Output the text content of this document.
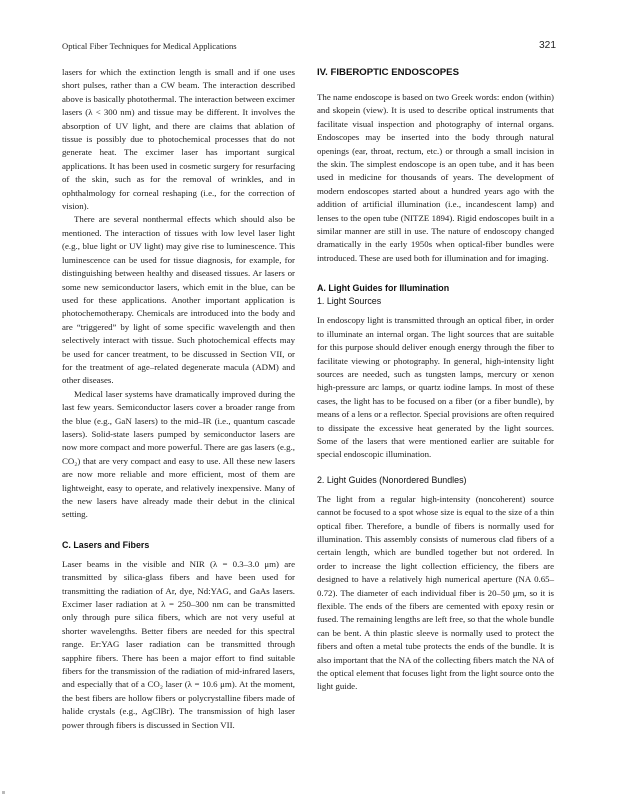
Optical Fiber Techniques for Medical Applications	321

lasers for which the extinction length is small and if one uses short pulses, rather than a CW beam. The interaction described above is basically photothermal. The interaction between excimer lasers (λ < 300 nm) and tissue may be different. It involves the absorption of UV light, and there are claims that ablation of tissue is possibly due to photochemical processes that do not generate heat. The excimer laser has important surgical applications. It has been used in cosmetic surgery for resurfacing of the skin, such as for the removal of wrinkles, and in ophthalmology for corneal reshaping (i.e., for the correction of vision).

There are several nonthermal effects which should also be mentioned. The interaction of tissues with low level laser light (e.g., blue light or UV light) may give rise to luminescence. This luminescence can be used for tissue diagnosis, for example, for distinguishing between healthy and diseased tissues. Ar lasers or some new semiconductor lasers, which emit in the blue, can be used for these applications. Another important application is photochemotherapy. Chemicals are introduced into the body and are “triggered” by light of some specific wavelength and then selectively interact with tissue. Such photochemical effects may be used for cancer treatment, to be discussed in Section VII, or for the treatment of age–related degenerate macula (ADM) and other diseases.

Medical laser systems have dramatically improved during the last few years. Semiconductor lasers cover a broader range from the blue (e.g., GaN lasers) to the mid–IR (i.e., quantum cascade lasers). Solid-state lasers pumped by semiconductor lasers are now more compact and more powerful. There are gas lasers (e.g., CO₂) that are very compact and easy to use. All these new lasers are now more reliable and more efficient, most of them are lightweight, easy to operate, and relatively inexpensive. Many of the new lasers have already made their debut in the clinical setting.

C. Lasers and Fibers

Laser beams in the visible and NIR (λ = 0.3–3.0 μm) are transmitted by silica-glass fibers and have been used for transmitting the radiation of Ar, dye, Nd:YAG, and GaAs lasers. Excimer laser radiation at λ = 250–300 nm can be transmitted only through pure silica fibers, which are not very useful at shorter wavelengths. Better fibers are needed for this spectral range. Er:YAG laser radiation can be transmitted through sapphire fibers. There has been a major effort to find suitable fibers for the transmission of the radiation of mid-infrared lasers, and especially that of a CO₂ laser (λ = 10.6 μm). At the moment, the best fibers are hollow fibers or polycrystalline fibers made of halide crystals (e.g., AgClBr). The transmission of high laser power through fibers is discussed in Section VII.

IV. FIBEROPTIC ENDOSCOPES

The name endoscope is based on two Greek words: endon (within) and skopein (view). It is used to describe optical instruments that facilitate visual inspection and photography of internal organs. Endoscopes may be inserted into the body through natural openings (ear, throat, rectum, etc.) or through a small incision in the skin. The simplest endoscope is an open tube, and it has been used in medicine for thousands of years. The development of modern endoscopes started about a hundred years ago with the addition of artificial illumination (i.e., incandescent lamp) and lenses to the open tube (NITZE 1894). Rigid endoscopes built in a similar manner are still in use. The nature of endoscopy changed dramatically in the early 1950s when optical-fiber bundles were introduced. These are used both for illumination and for imaging.

A. Light Guides for Illumination

1. Light Sources

In endoscopy light is transmitted through an optical fiber, in order to illuminate an internal organ. The light sources that are suitable for this purpose should deliver enough energy through the fiber to facilitate viewing or photography. In general, high-intensity light sources are needed, such as tungsten lamps, mercury or xenon high-pressure arc lamps, or quartz iodine lamps. In most of these cases, the light has to be focused on a fiber (or a fiber bundle), by means of a lens or a reflector. Special provisions are often required to dissipate the excessive heat generated by the light sources. Some of the lasers that were mentioned earlier are suitable for special endoscopic illumination.

2. Light Guides (Nonordered Bundles)

The light from a regular high-intensity (noncoherent) source cannot be focused to a spot whose size is equal to the size of a thin optical fiber. Therefore, a bundle of fibers is normally used for illumination. This assembly consists of numerous clad fibers of a certain length, which are bundled together but not ordered. In order to increase the light collection efficiency, the fibers are designed to have a relatively high numerical aperture (NA 0.65–0.72). The diameter of each individual fiber is 20–50 μm, so it is flexible. The ends of the fibers are cemented with epoxy resin or fused. The remaining lengths are left free, so that the whole bundle can be bent. A thin plastic sleeve is normally used to protect the fibers and often a metal tube protects the ends of the bundle. It is also important that the NA of the collecting fibers match the NA of the optical element that focuses light from the light source onto the light guide.
